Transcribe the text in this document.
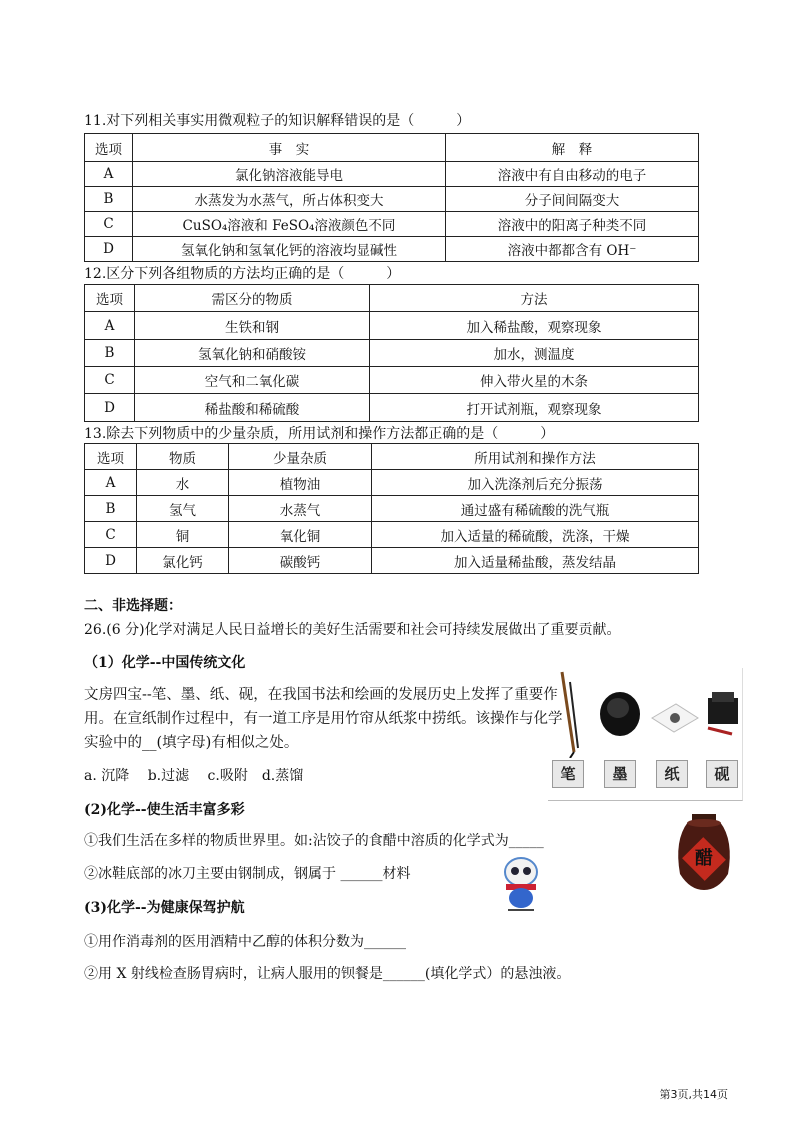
11.对下列相关事实用微观粒子的知识解释错误的是（　　　）
选项	事　实	解　释
A	氯化钠溶液能导电	溶液中有自由移动的电子
B	水蒸发为水蒸气，所占体积变大	分子间间隔变大
C	CuSO₄溶液和 FeSO₄溶液颜色不同	溶液中的阳离子种类不同
D	氢氧化钠和氢氧化钙的溶液均显碱性	溶液中都都含有 OH⁻
12.区分下列各组物质的方法均正确的是（　　　）
选项	需区分的物质	方法
A	生铁和钢	加入稀盐酸，观察现象
B	氢氧化钠和硝酸铵	加水，测温度
C	空气和二氧化碳	伸入带火星的木条
D	稀盐酸和稀硫酸	打开试剂瓶，观察现象
13.除去下列物质中的少量杂质，所用试剂和操作方法都正确的是（　　　）
选项	物质	少量杂质	所用试剂和操作方法
A	水	植物油	加入洗涤剂后充分振荡
B	氢气	水蒸气	通过盛有稀硫酸的洗气瓶
C	铜	氧化铜	加入适量的稀硫酸，洗涤，干燥
D	氯化钙	碳酸钙	加入适量稀盐酸，蒸发结晶
二、非选择题：
26.(6 分)化学对满足人民日益增长的美好生活需要和社会可持续发展做出了重要贡献。
（1）化学--中国传统文化
文房四宝--笔、墨、纸、砚，在我国书法和绘画的发展历史上发挥了重要作用。在宣纸制作过程中，有一道工序是用竹帘从纸浆中捞纸。该操作与化学实验中的__(填字母)有相似之处。
a. 沉降　 b.过滤　 c.吸附　d.蒸馏	笔	墨	纸	砚
(2)化学--使生活丰富多彩
①我们生活在多样的物质世界里。如:沾饺子的食醋中溶质的化学式为_____
②冰鞋底部的冰刀主要由钢制成，钢属于 ______材料
醋
(3)化学--为健康保驾护航
①用作消毒剂的医用酒精中乙醇的体积分数为______
②用 X 射线检查肠胃病时，让病人服用的钡餐是______(填化学式）的悬浊液。
第3页,共14页
